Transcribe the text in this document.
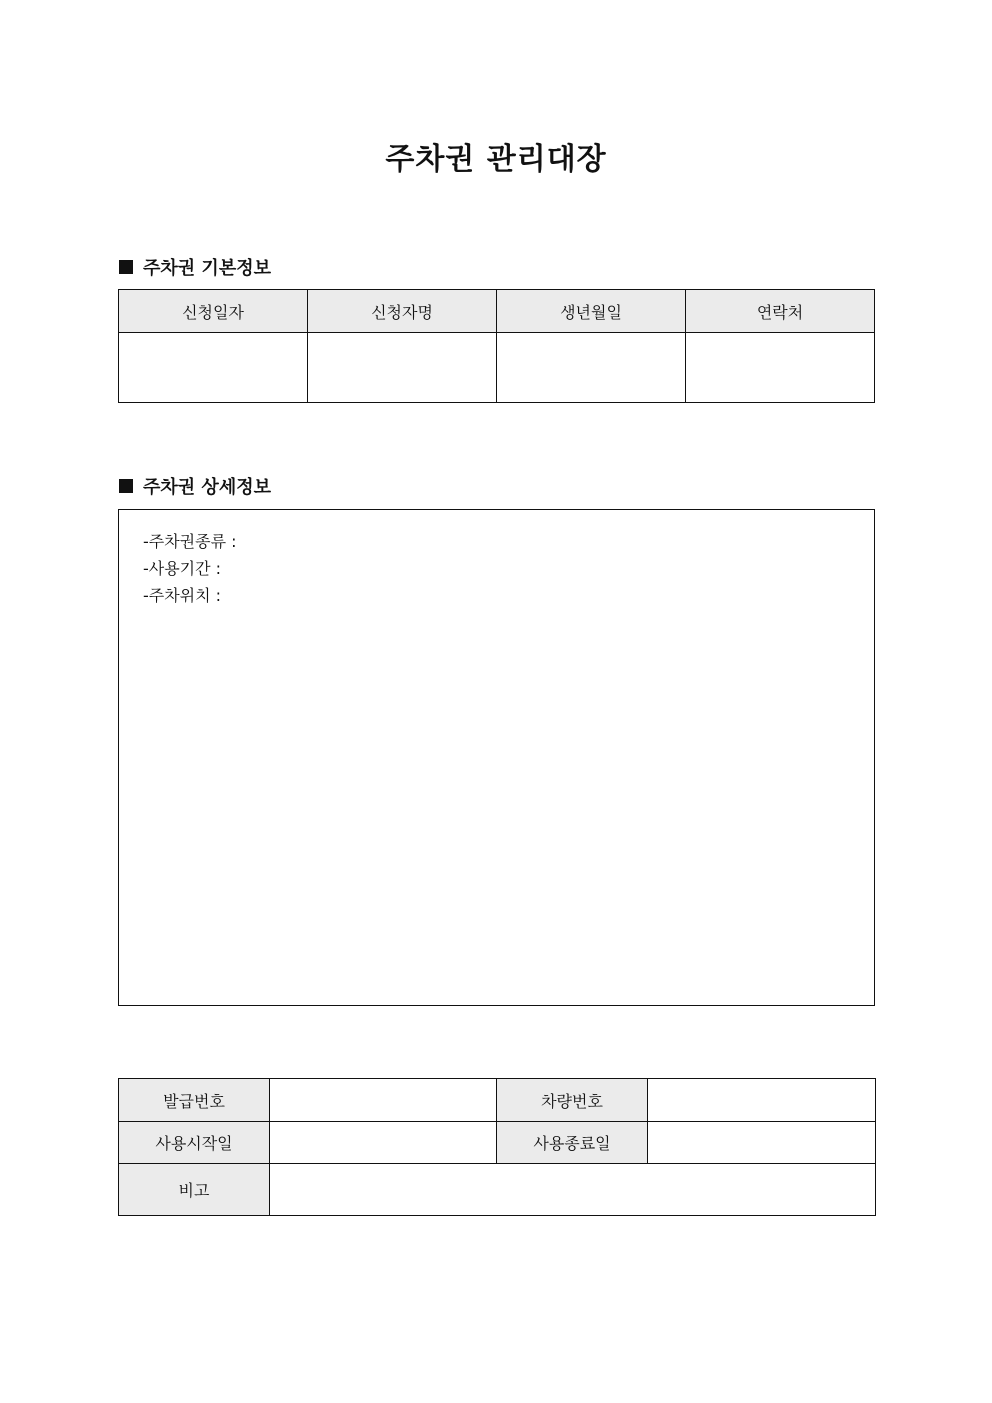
주차권 관리대장
주차권 기본정보
신청일자	신청자명	생년월일	연락처

주차권 상세정보
-주차권종류 :
-사용기간 :
-주차위치 :
발급번호		차량번호	
사용시작일		사용종료일	
비고			
